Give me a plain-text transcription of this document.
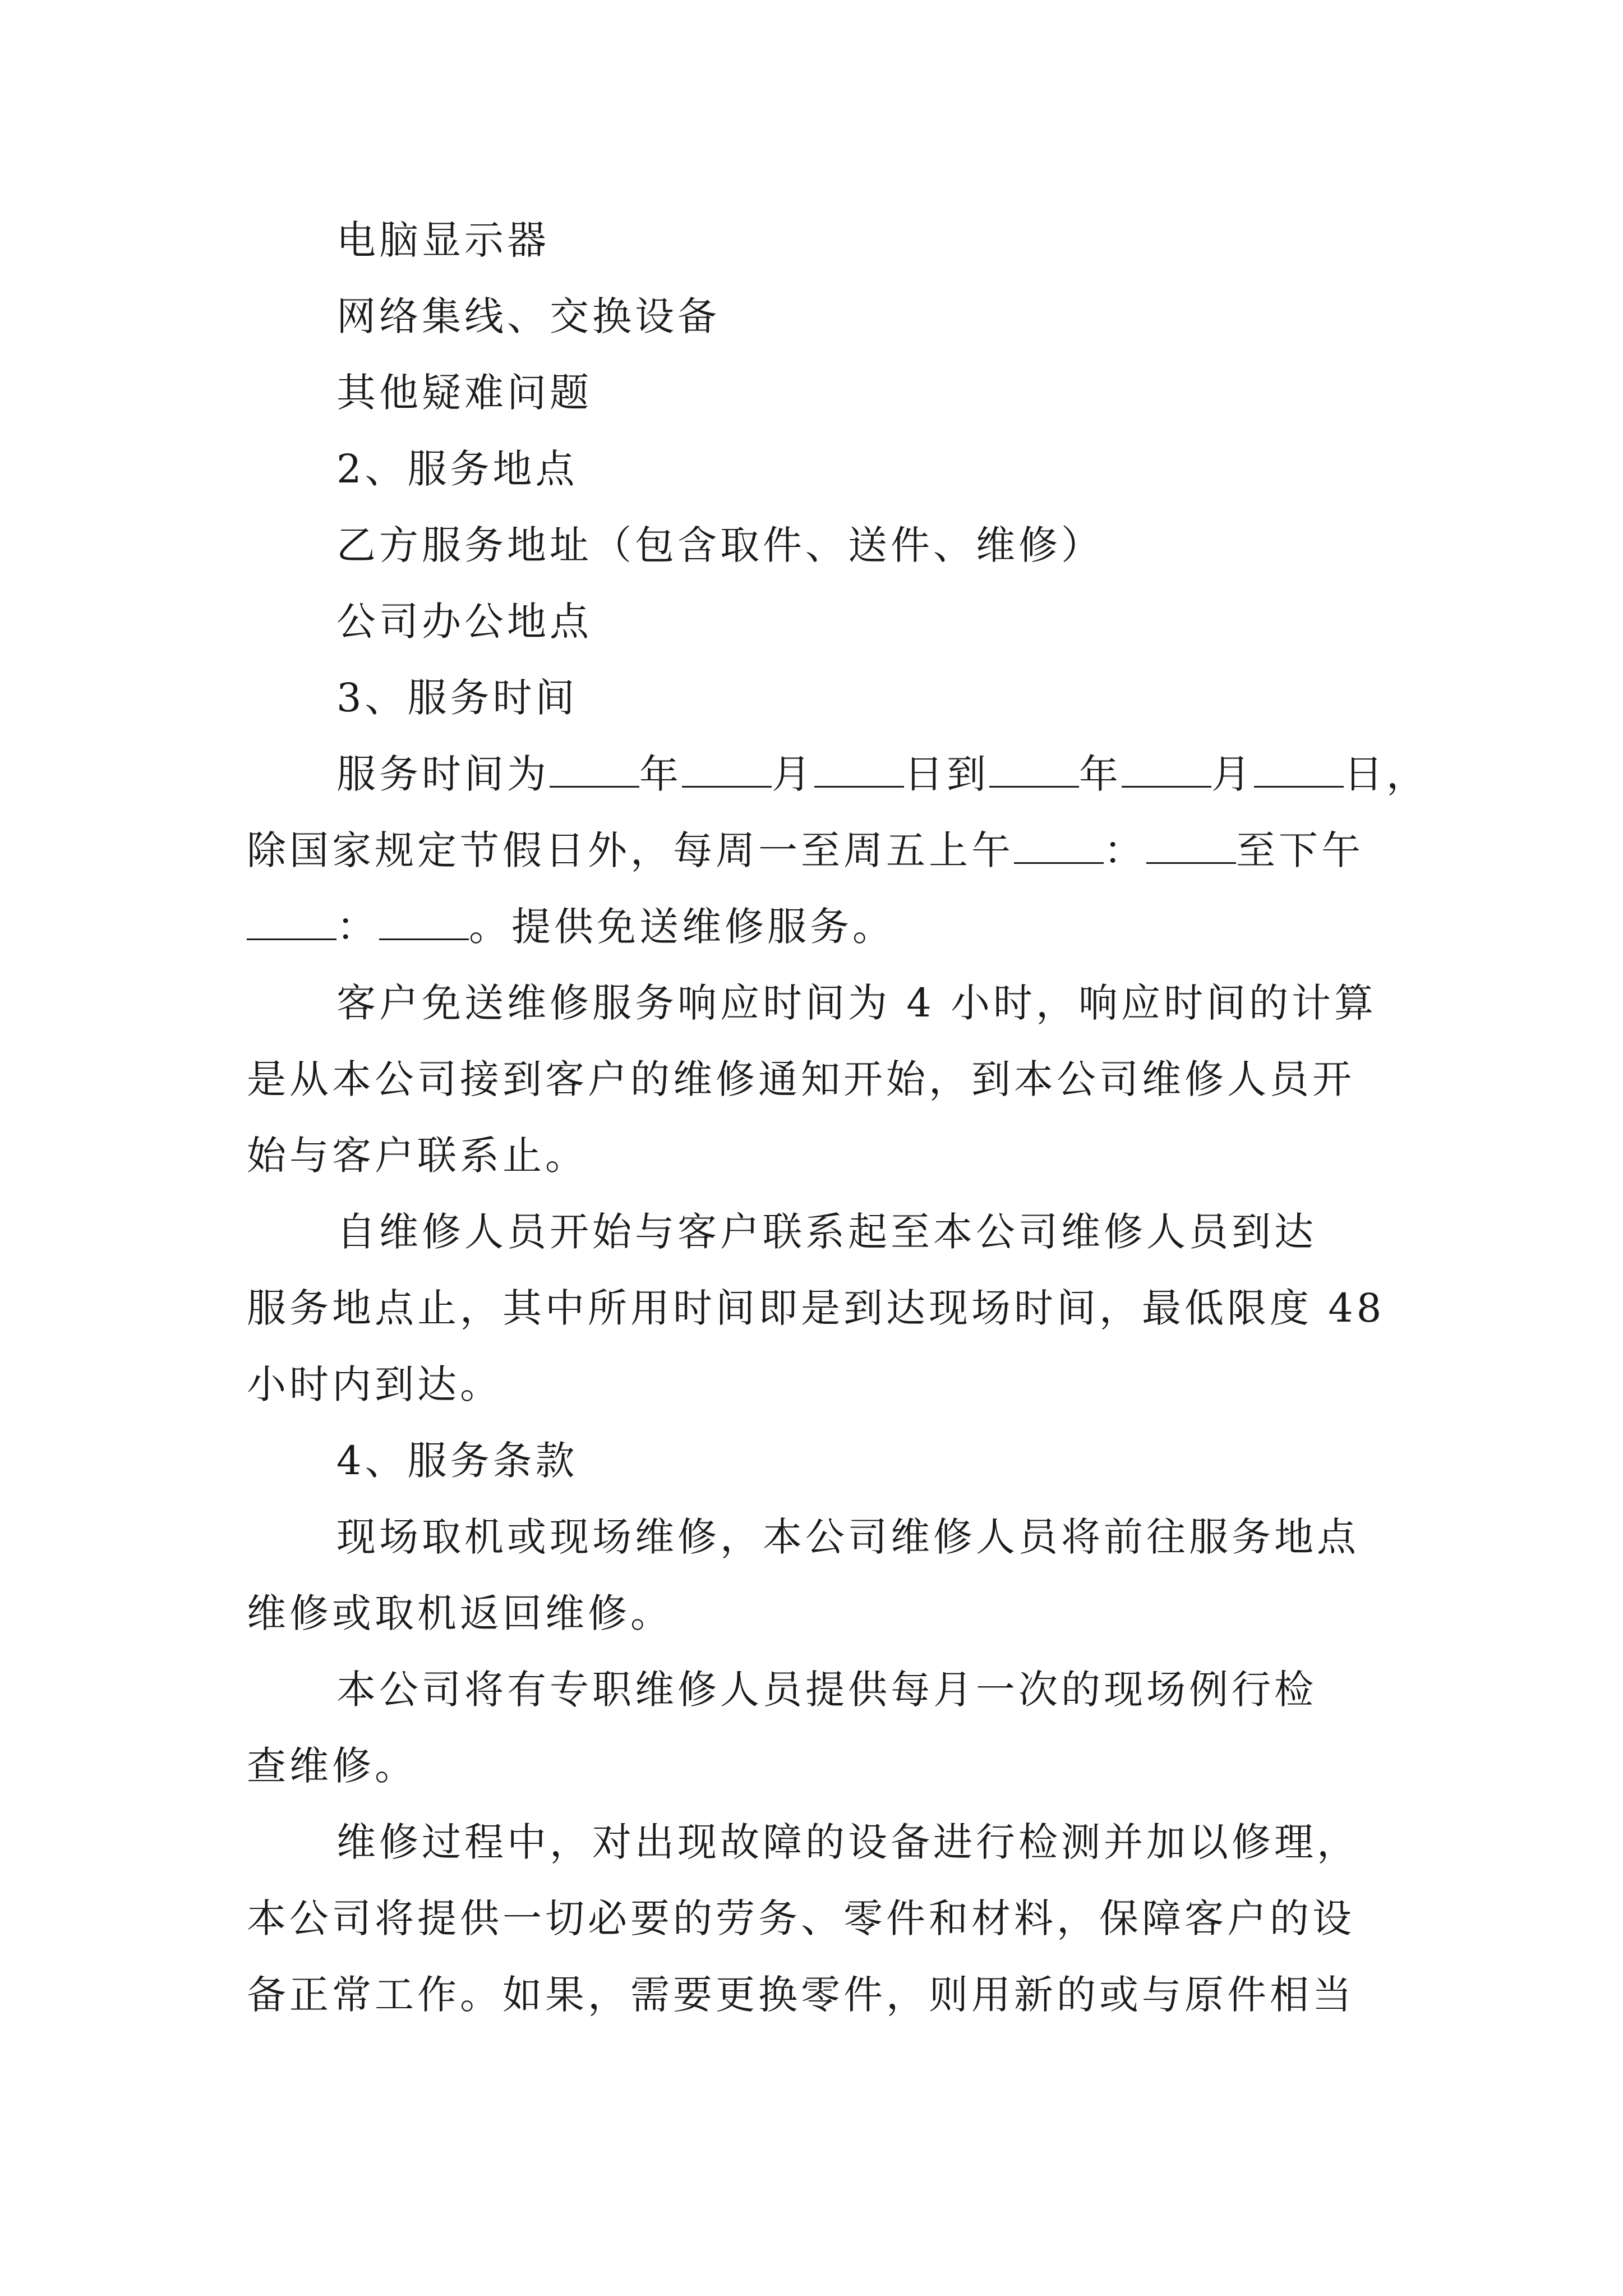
电脑显示器
网络集线、交换设备
其他疑难问题
2、服务地点
乙方服务地址（包含取件、送件、维修）
公司办公地点
3、服务时间
服务时间为 年 月 日到 年 月 日，
除国家规定节假日外，每周一至周五上午 ： 至下午
： 。提供免送维修服务。
客户免送维修服务响应时间为 4 小时，响应时间的计算
是从本公司接到客户的维修通知开始，到本公司维修人员开
始与客户联系止。
自维修人员开始与客户联系起至本公司维修人员到达
服务地点止，其中所用时间即是到达现场时间，最低限度 48
小时内到达。
4、服务条款
现场取机或现场维修，本公司维修人员将前往服务地点
维修或取机返回维修。
本公司将有专职维修人员提供每月一次的现场例行检
查维修。
维修过程中，对出现故障的设备进行检测并加以修理，
本公司将提供一切必要的劳务、零件和材料，保障客户的设
备正常工作。如果，需要更换零件，则用新的或与原件相当
